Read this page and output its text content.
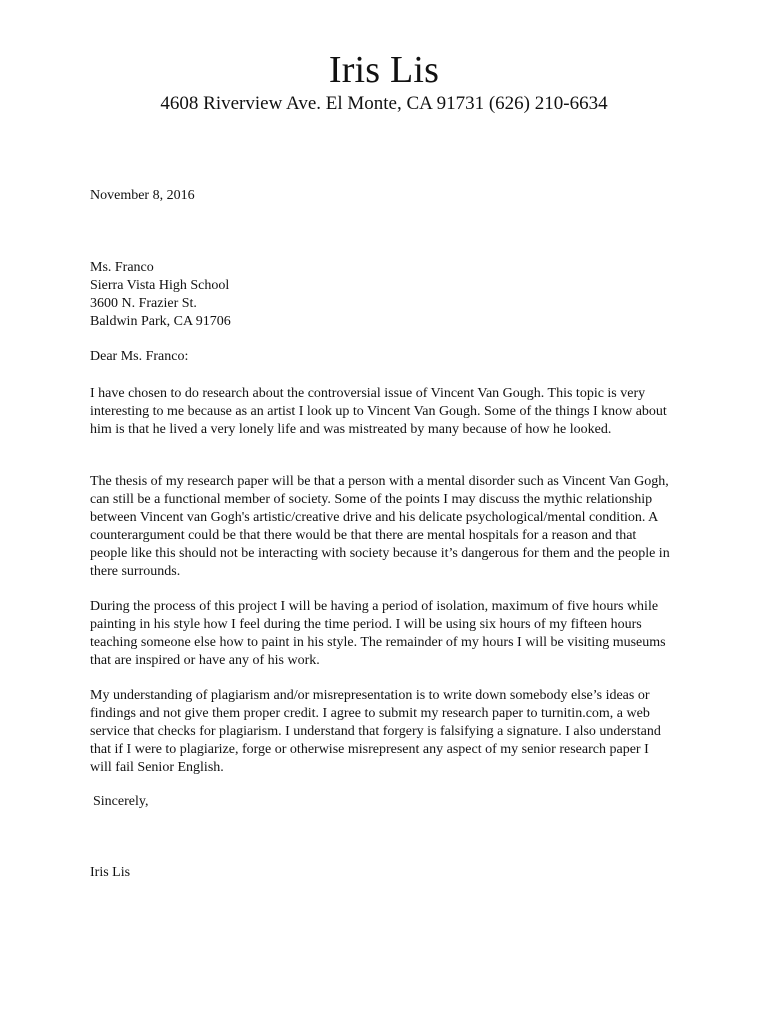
Iris Lis
4608 Riverview Ave. El Monte, CA 91731 (626) 210-6634
November 8, 2016
Ms. Franco
Sierra Vista High School
3600 N. Frazier St.
Baldwin Park, CA 91706
Dear Ms. Franco:

I have chosen to do research about the controversial issue of Vincent Van Gough. This topic is very interesting to me because as an artist I look up to Vincent Van Gough. Some of the things I know about him is that he lived a very lonely life and was mistreated by many because of how he looked.

The thesis of my research paper will be that a person with a mental disorder such as Vincent Van Gogh, can still be a functional member of society. Some of the points I may discuss the mythic relationship between Vincent van Gogh's artistic/creative drive and his delicate psychological/mental condition. A counterargument could be that there would be that there are mental hospitals for a reason and that people like this should not be interacting with society because it’s dangerous for them and the people in there surrounds.

During the process of this project I will be having a period of isolation, maximum of five hours while painting in his style how I feel during the time period. I will be using six hours of my fifteen hours teaching someone else how to paint in his style. The remainder of my hours I will be visiting museums that are inspired or have any of his work.

My understanding of plagiarism and/or misrepresentation is to write down somebody else’s ideas or findings and not give them proper credit. I agree to submit my research paper to turnitin.com, a web service that checks for plagiarism. I understand that forgery is falsifying a signature. I also understand that if I were to plagiarize, forge or otherwise misrepresent any aspect of my senior research paper I will fail Senior English.

Sincerely,
Iris Lis
